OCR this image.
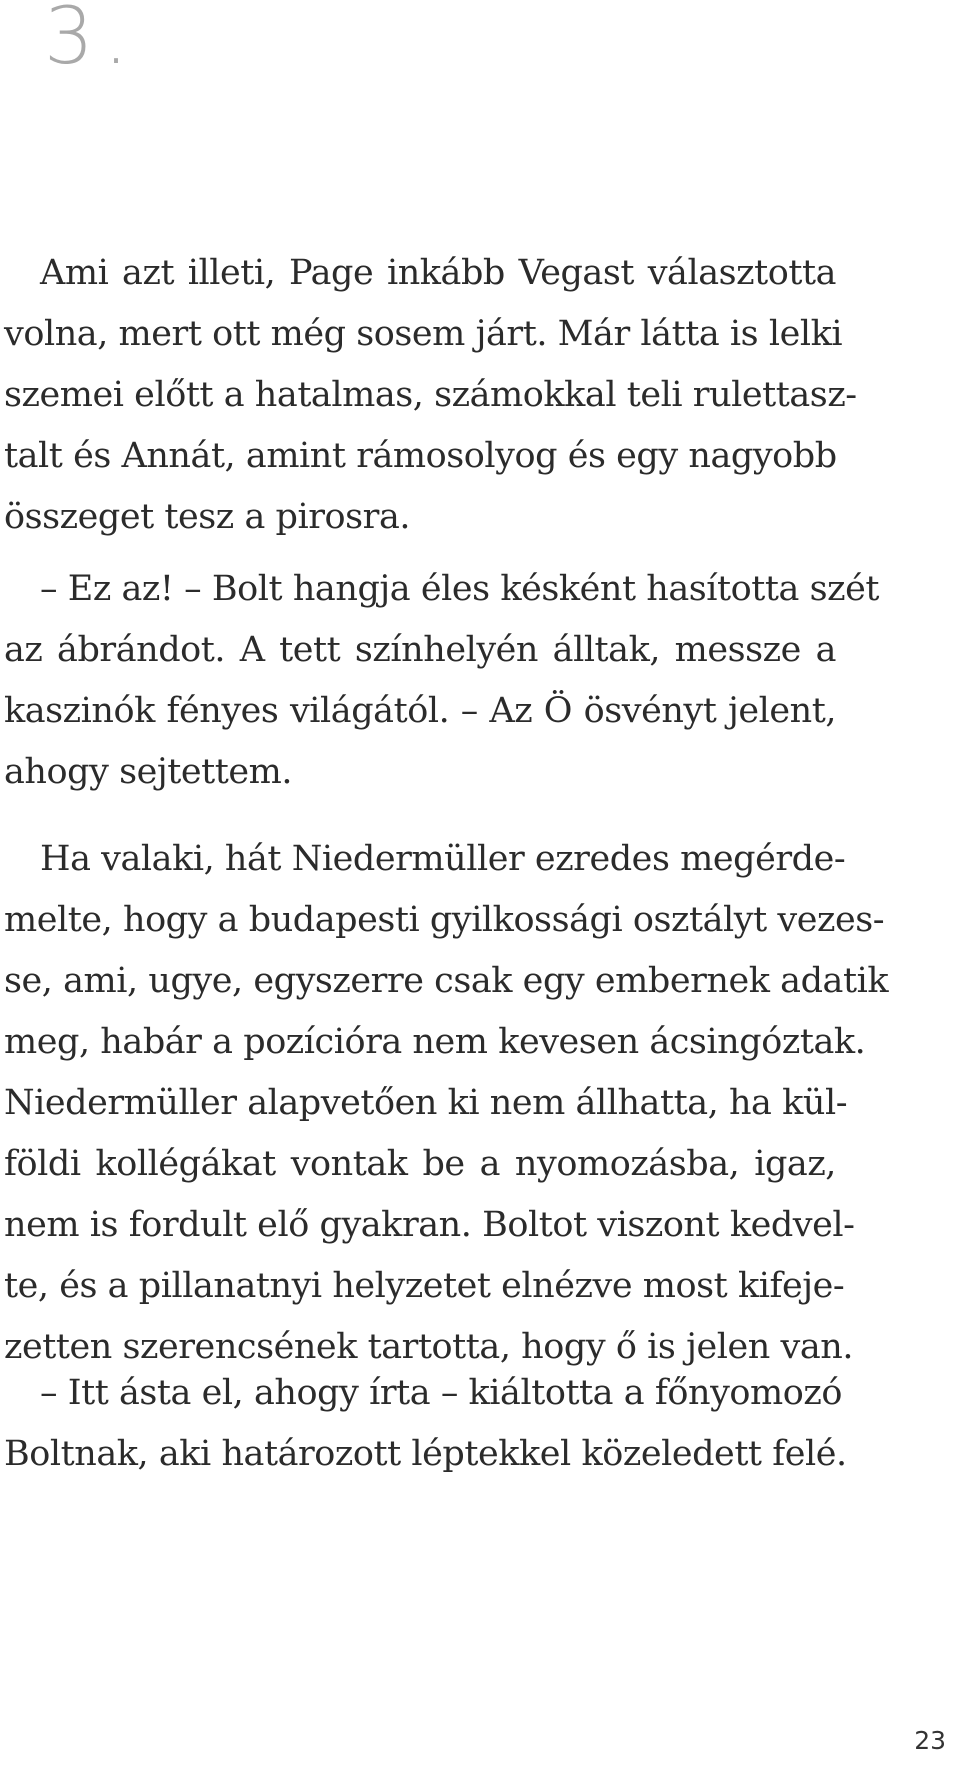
3.
Ami azt illeti, Page inkább Vegast választotta
volna, mert ott még sosem járt. Már látta is lelki
szemei előtt a hatalmas, számokkal teli rulettasz-
talt és Annát, amint rámosolyog és egy nagyobb
összeget tesz a pirosra.
– Ez az! – Bolt hangja éles késként hasította szét
az ábrándot. A tett színhelyén álltak, messze a
kaszinók fényes világától. – Az Ö ösvényt jelent,
ahogy sejtettem.
Ha valaki, hát Niedermüller ezredes megérde-
melte, hogy a budapesti gyilkossági osztályt vezes-
se, ami, ugye, egyszerre csak egy embernek adatik
meg, habár a pozícióra nem kevesen ácsingóztak.
Niedermüller alapvetően ki nem állhatta, ha kül-
földi kollégákat vontak be a nyomozásba, igaz,
nem is fordult elő gyakran. Boltot viszont kedvel-
te, és a pillanatnyi helyzetet elnézve most kifeje-
zetten szerencsének tartotta, hogy ő is jelen van.
– Itt ásta el, ahogy írta – kiáltotta a főnyomozó
Boltnak, aki határozott léptekkel közeledett felé.
23
